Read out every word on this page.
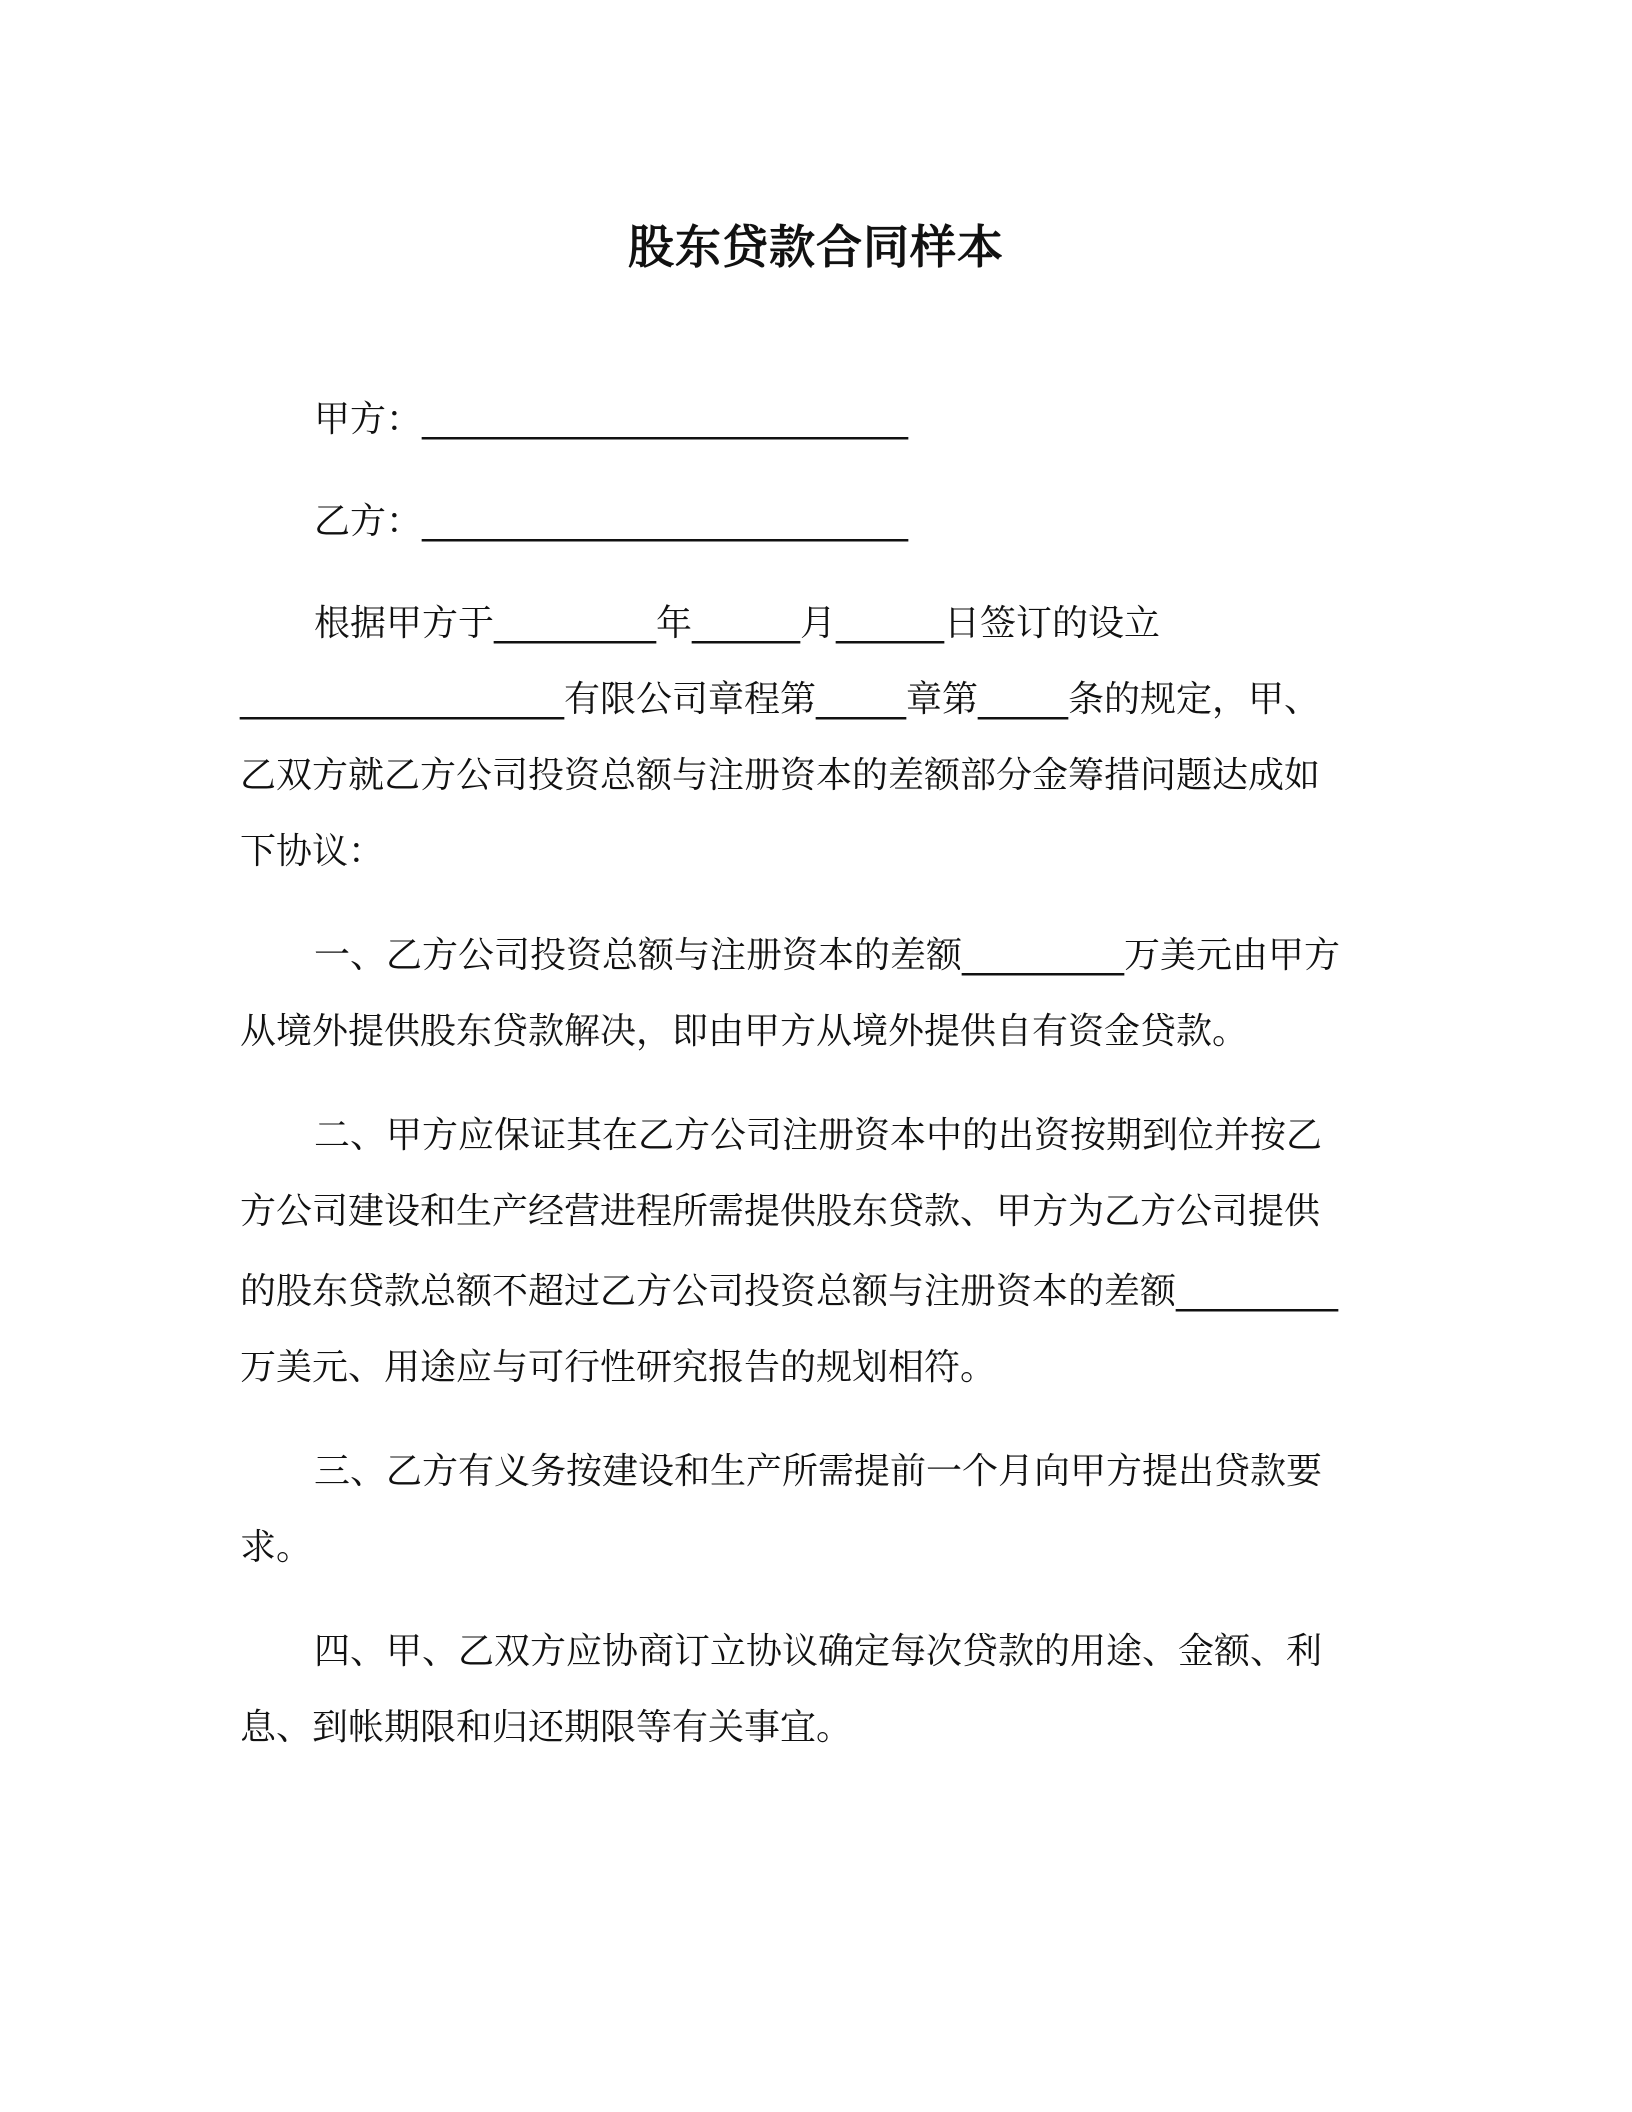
股东贷款合同样本
甲方：___________________________
乙方：___________________________
根据甲方于_________年______月______日签订的设立
__________________有限公司章程第_____章第_____条的规定，甲、
乙双方就乙方公司投资总额与注册资本的差额部分金筹措问题达成如
下协议：
一、乙方公司投资总额与注册资本的差额_________万美元由甲方
从境外提供股东贷款解决，即由甲方从境外提供自有资金贷款。
二、甲方应保证其在乙方公司注册资本中的出资按期到位并按乙
方公司建设和生产经营进程所需提供股东贷款、甲方为乙方公司提供
的股东贷款总额不超过乙方公司投资总额与注册资本的差额_________
万美元、用途应与可行性研究报告的规划相符。
三、乙方有义务按建设和生产所需提前一个月向甲方提出贷款要
求。
四、甲、乙双方应协商订立协议确定每次贷款的用途、金额、利
息、到帐期限和归还期限等有关事宜。
